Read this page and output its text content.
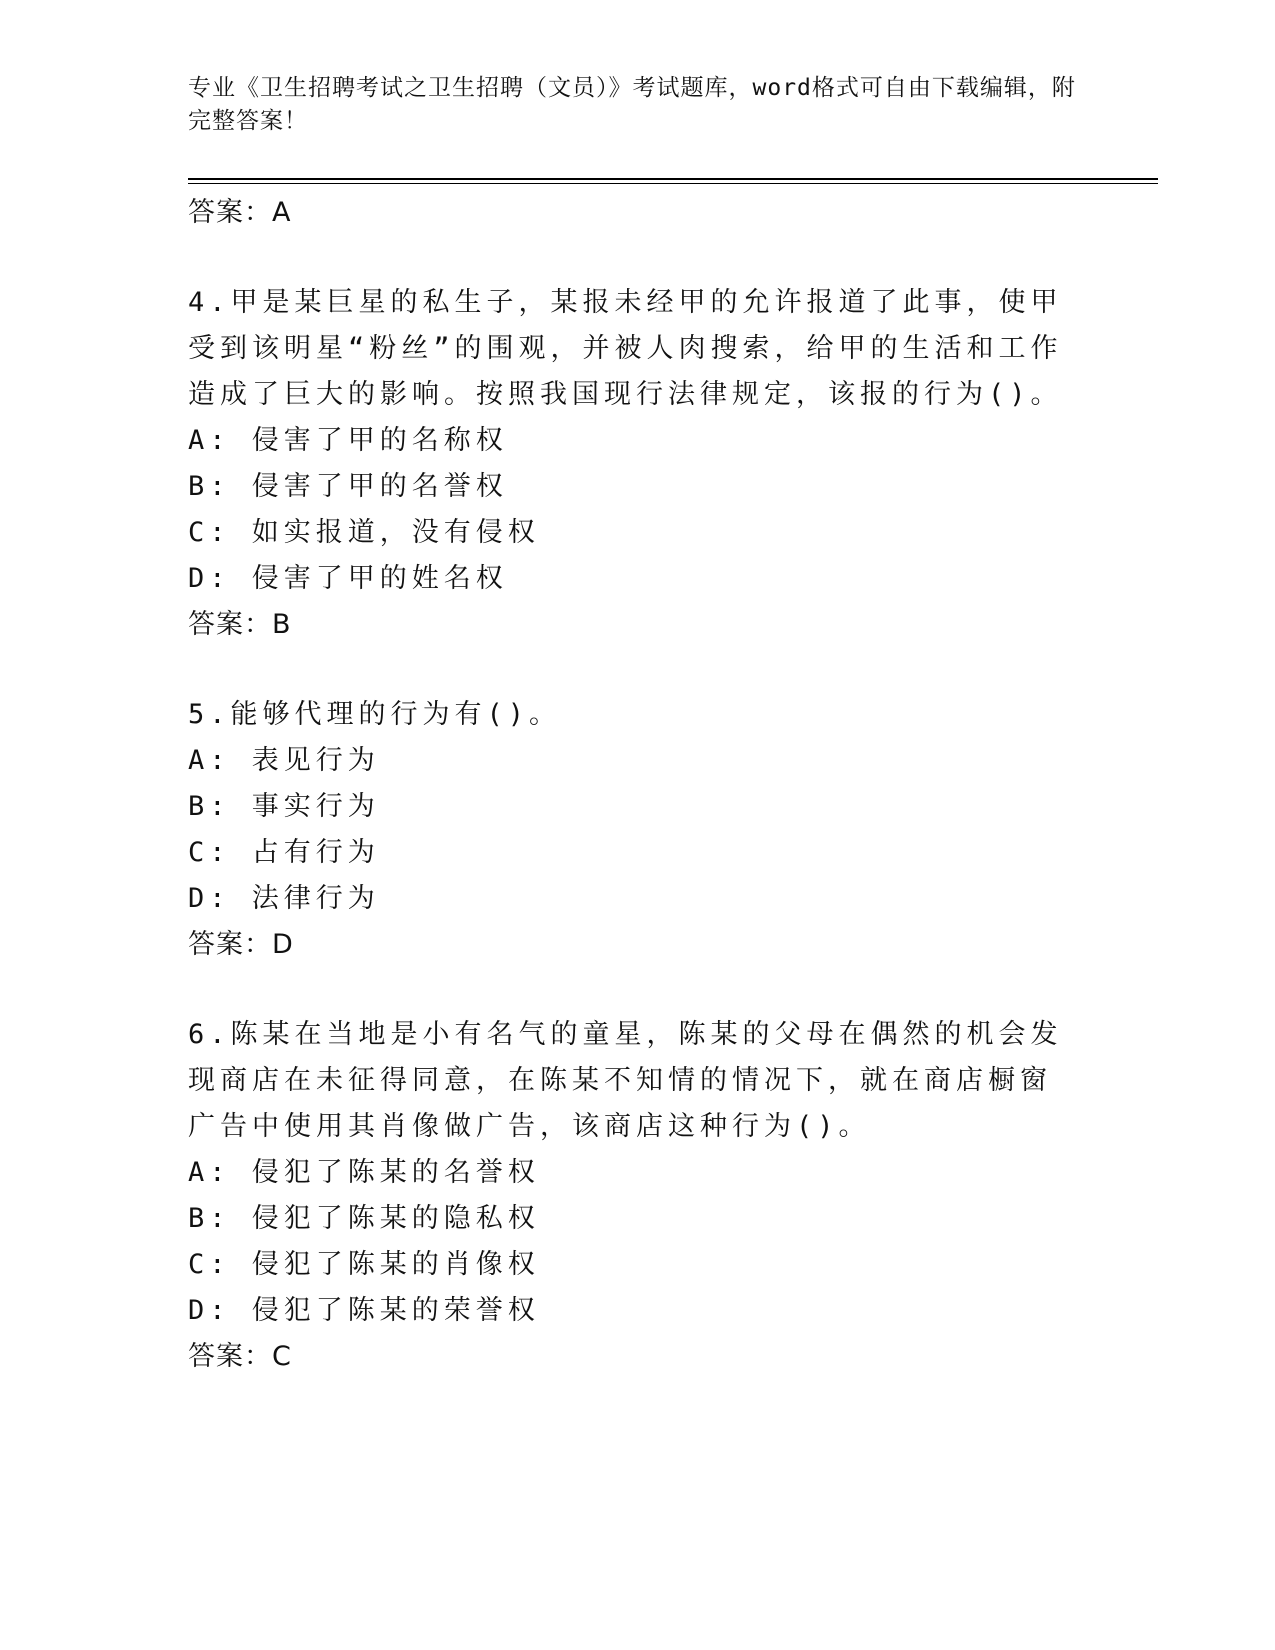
专业《卫生招聘考试之卫生招聘（文员）》考试题库，word格式可自由下载编辑，附完整答案！
答案：A
4.甲是某巨星的私生子，某报未经甲的允许报道了此事，使甲受到该明星“粉丝”的围观，并被人肉搜索，给甲的生活和工作造成了巨大的影响。按照我国现行法律规定，该报的行为()。
A: 侵害了甲的名称权
B: 侵害了甲的名誉权
C: 如实报道，没有侵权
D: 侵害了甲的姓名权
答案：B
5.能够代理的行为有()。
A: 表见行为
B: 事实行为
C: 占有行为
D: 法律行为
答案：D
6.陈某在当地是小有名气的童星，陈某的父母在偶然的机会发现商店在未征得同意，在陈某不知情的情况下，就在商店橱窗广告中使用其肖像做广告，该商店这种行为()。
A: 侵犯了陈某的名誉权
B: 侵犯了陈某的隐私权
C: 侵犯了陈某的肖像权
D: 侵犯了陈某的荣誉权
答案：C
